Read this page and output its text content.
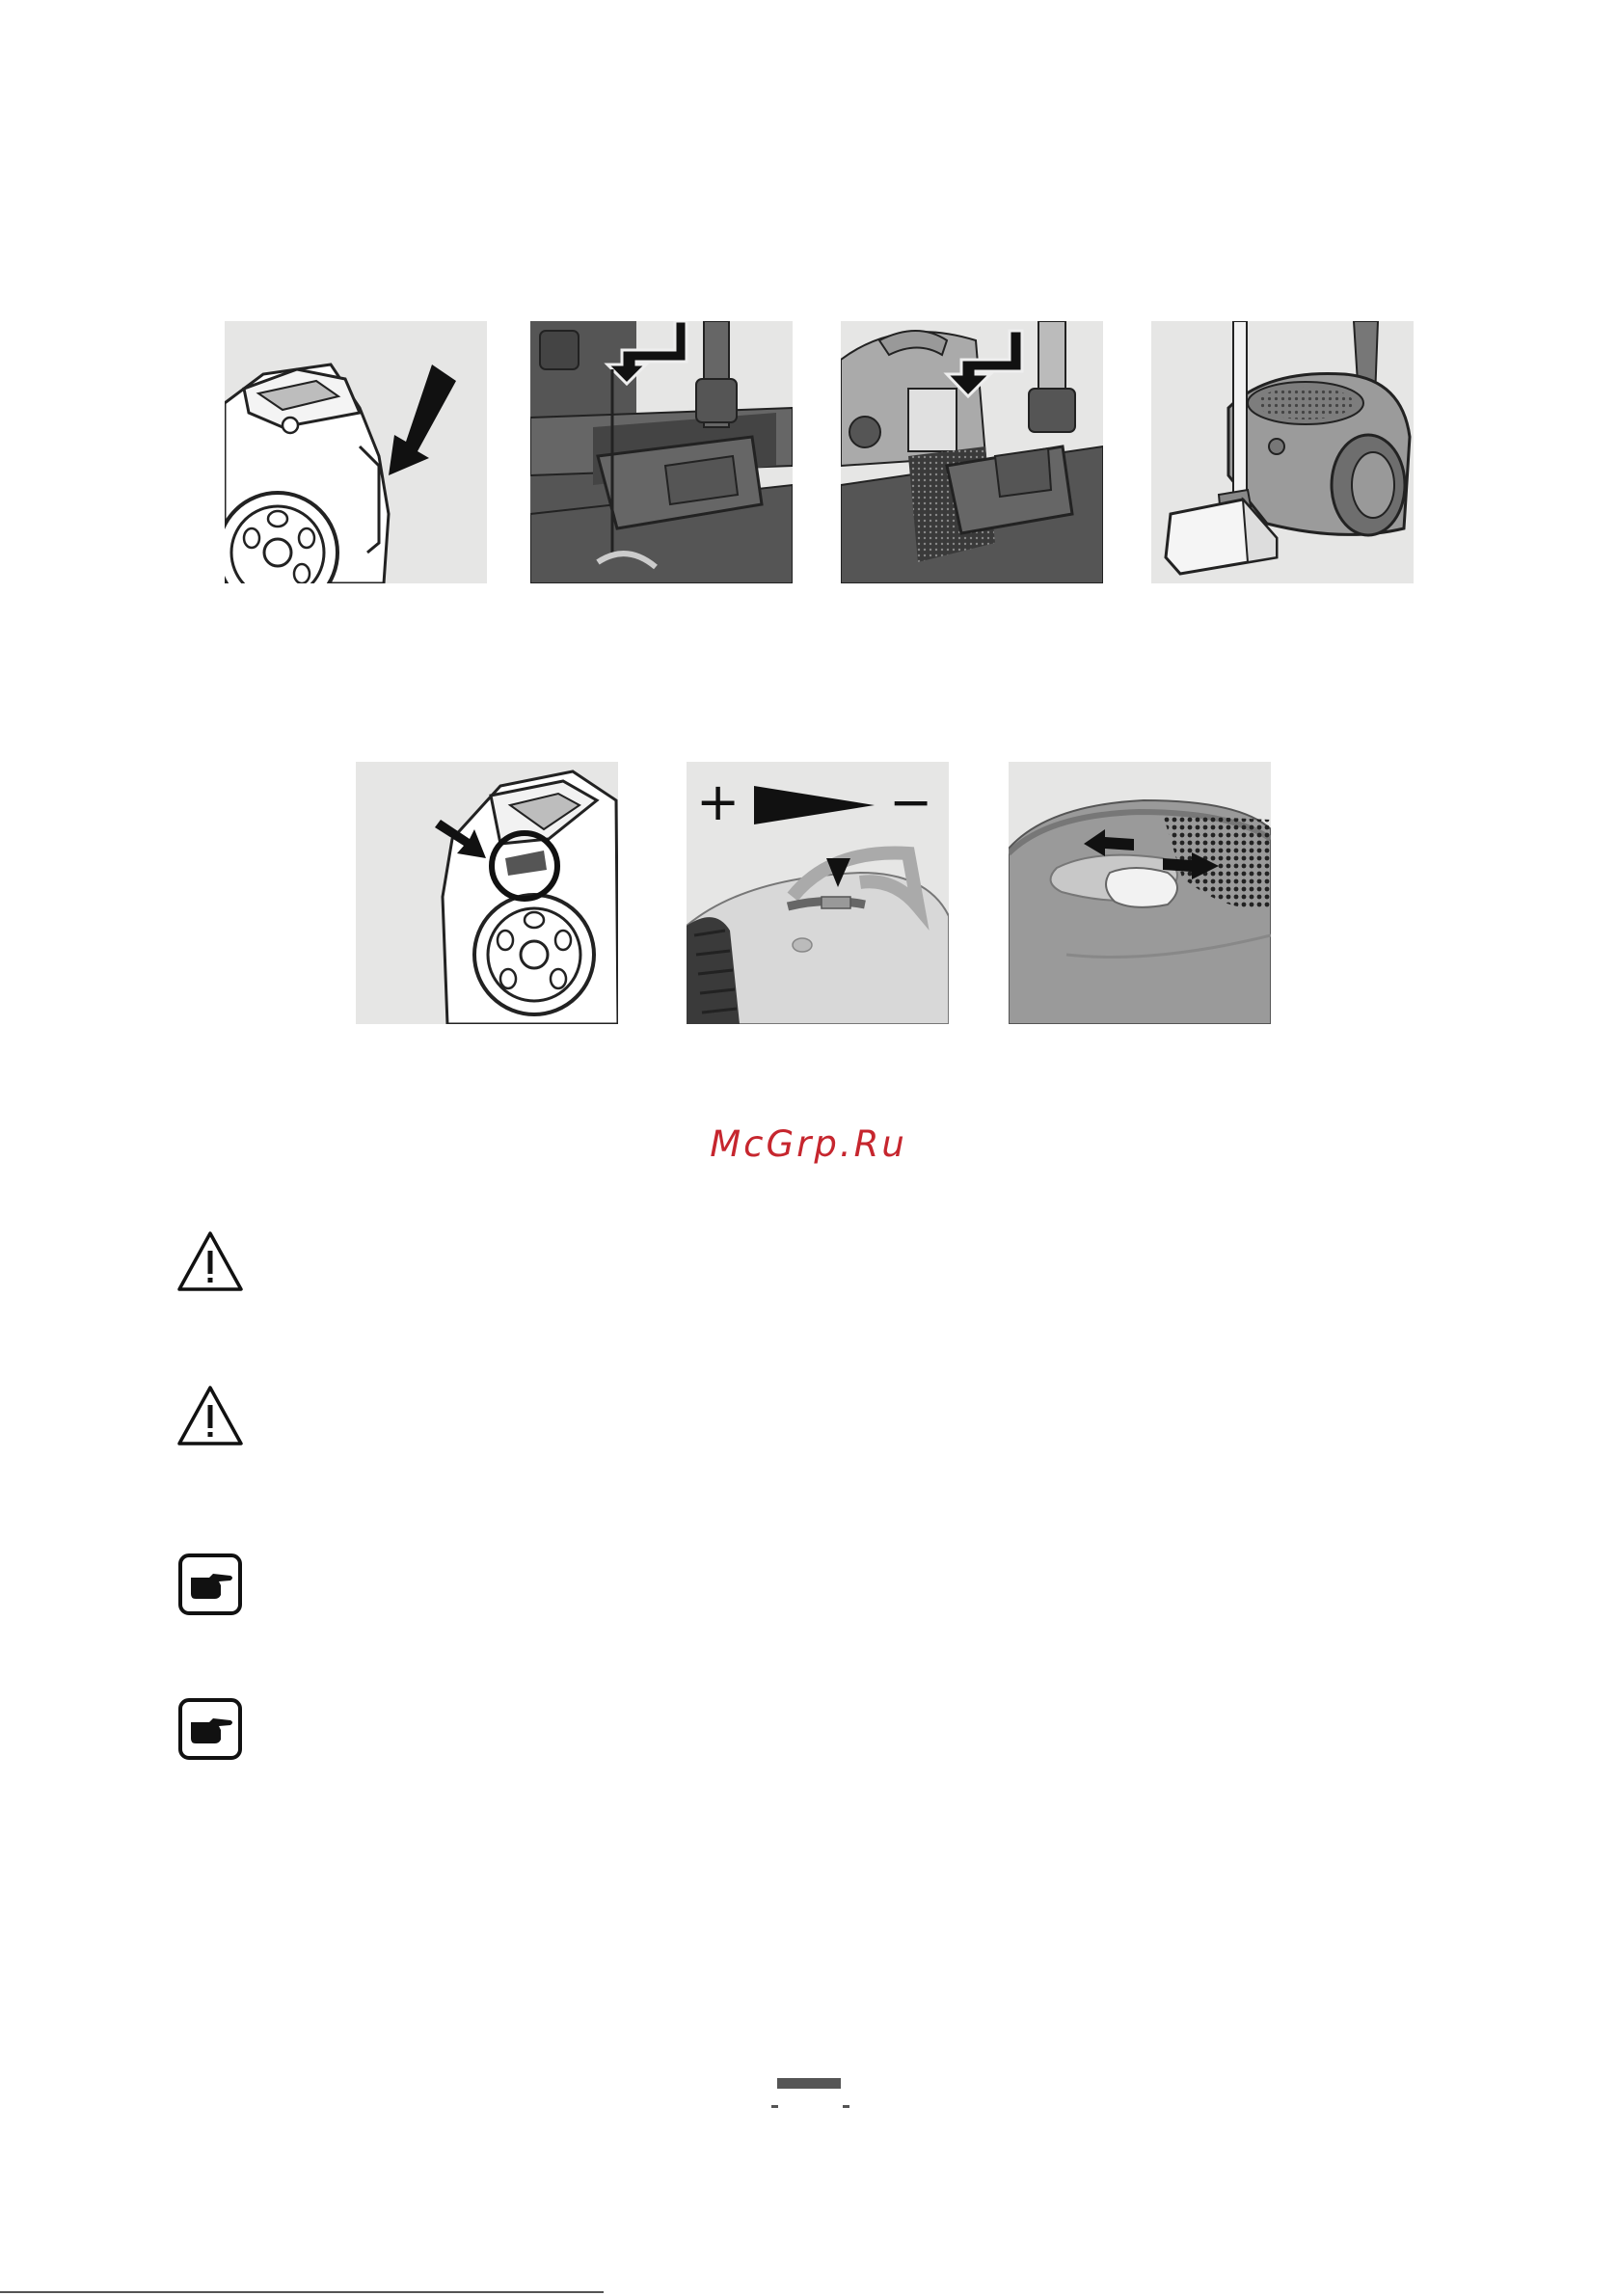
+	−
McGrp.Ru
